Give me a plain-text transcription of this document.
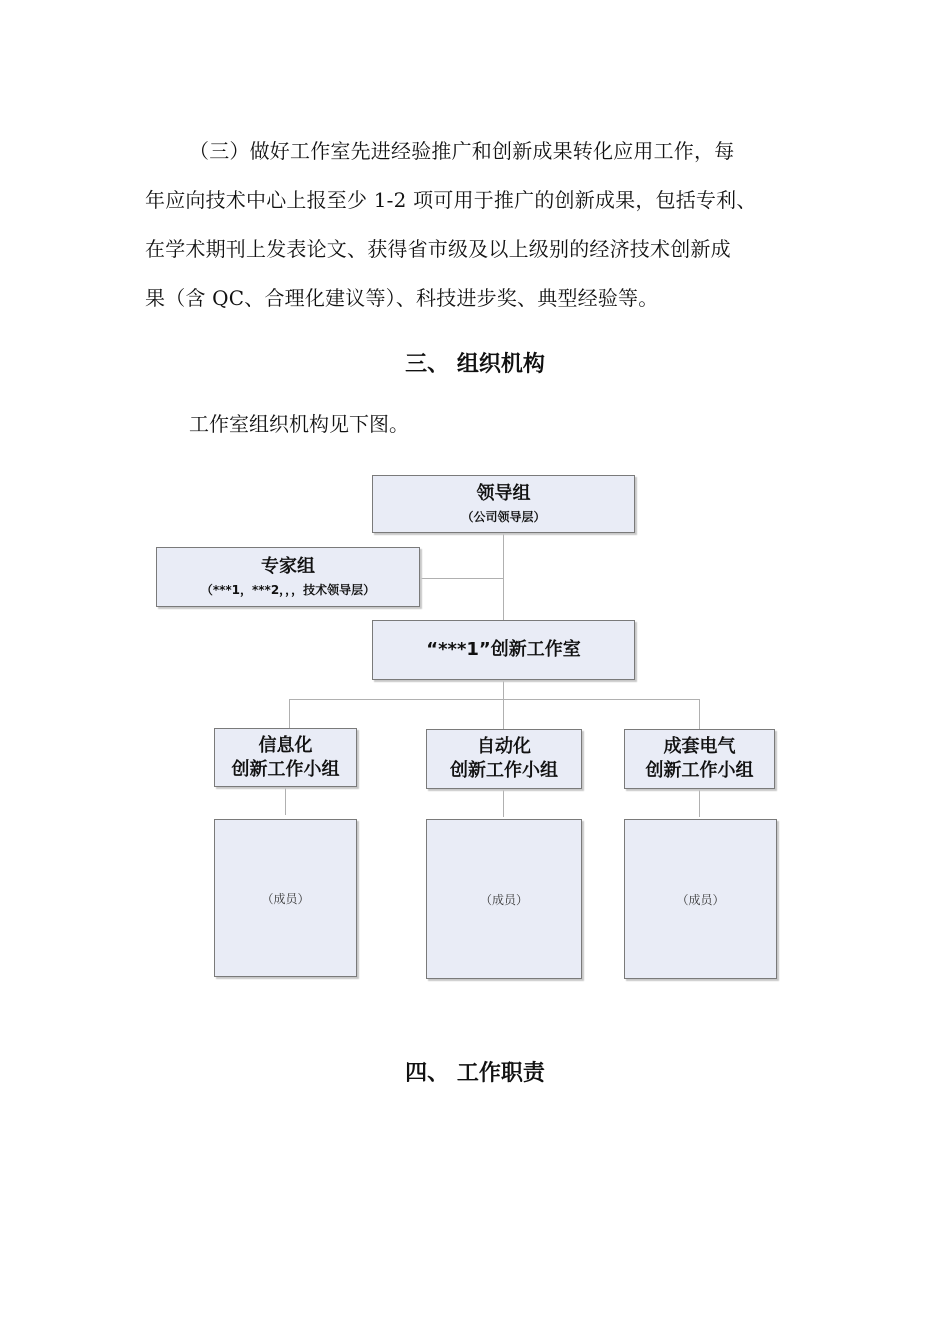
（三）做好工作室先进经验推广和创新成果转化应用工作，每
年应向技术中心上报至少 1-2 项可用于推广的创新成果，包括专利、
在学术期刊上发表论文、获得省市级及以上级别的经济技术创新成
果（含 QC、合理化建议等）、科技进步奖、典型经验等。
三、 组织机构

工作室组织机构见下图。

领导组
（公司领导层）
专家组
（***1，***2，，，技术领导层）
“***1”创新工作室
信息化
创新工作小组
自动化
创新工作小组
成套电气
创新工作小组
（成员）	（成员）	（成员）
四、 工作职责
